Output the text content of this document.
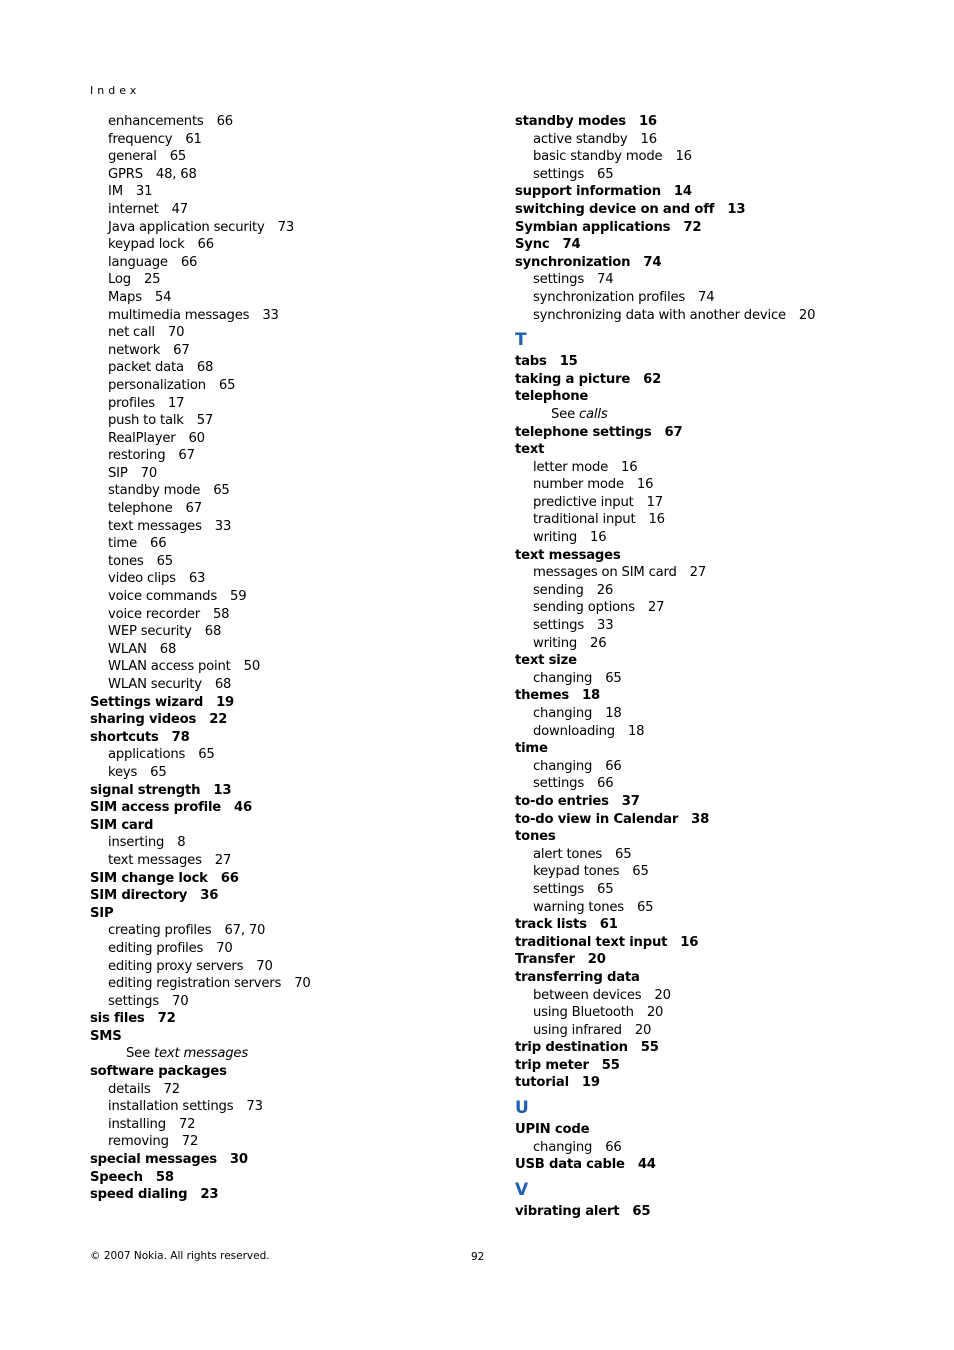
Index
enhancements 66
frequency 61
general 65
GPRS 48, 68
IM 31
internet 47
Java application security 73
keypad lock 66
language 66
Log 25
Maps 54
multimedia messages 33
net call 70
network 67
packet data 68
personalization 65
profiles 17
push to talk 57
RealPlayer 60
restoring 67
SIP 70
standby mode 65
telephone 67
text messages 33
time 66
tones 65
video clips 63
voice commands 59
voice recorder 58
WEP security 68
WLAN 68
WLAN access point 50
WLAN security 68
Settings wizard 19
sharing videos 22
shortcuts 78
applications 65
keys 65
signal strength 13
SIM access profile 46
SIM card
inserting 8
text messages 27
SIM change lock 66
SIM directory 36
SIP
creating profiles 67, 70
editing profiles 70
editing proxy servers 70
editing registration servers 70
settings 70
sis files 72
SMS
See text messages
software packages
details 72
installation settings 73
installing 72
removing 72
special messages 30
Speech 58
speed dialing 23
standby modes 16
active standby 16
basic standby mode 16
settings 65
support information 14
switching device on and off 13
Symbian applications 72
Sync 74
synchronization 74
settings 74
synchronization profiles 74
synchronizing data with another device 20
T
tabs 15
taking a picture 62
telephone
See calls
telephone settings 67
text
letter mode 16
number mode 16
predictive input 17
traditional input 16
writing 16
text messages
messages on SIM card 27
sending 26
sending options 27
settings 33
writing 26
text size
changing 65
themes 18
changing 18
downloading 18
time
changing 66
settings 66
to-do entries 37
to-do view in Calendar 38
tones
alert tones 65
keypad tones 65
settings 65
warning tones 65
track lists 61
traditional text input 16
Transfer 20
transferring data
between devices 20
using Bluetooth 20
using infrared 20
trip destination 55
trip meter 55
tutorial 19
U
UPIN code
changing 66
USB data cable 44
V
vibrating alert 65
© 2007 Nokia. All rights reserved.	92
